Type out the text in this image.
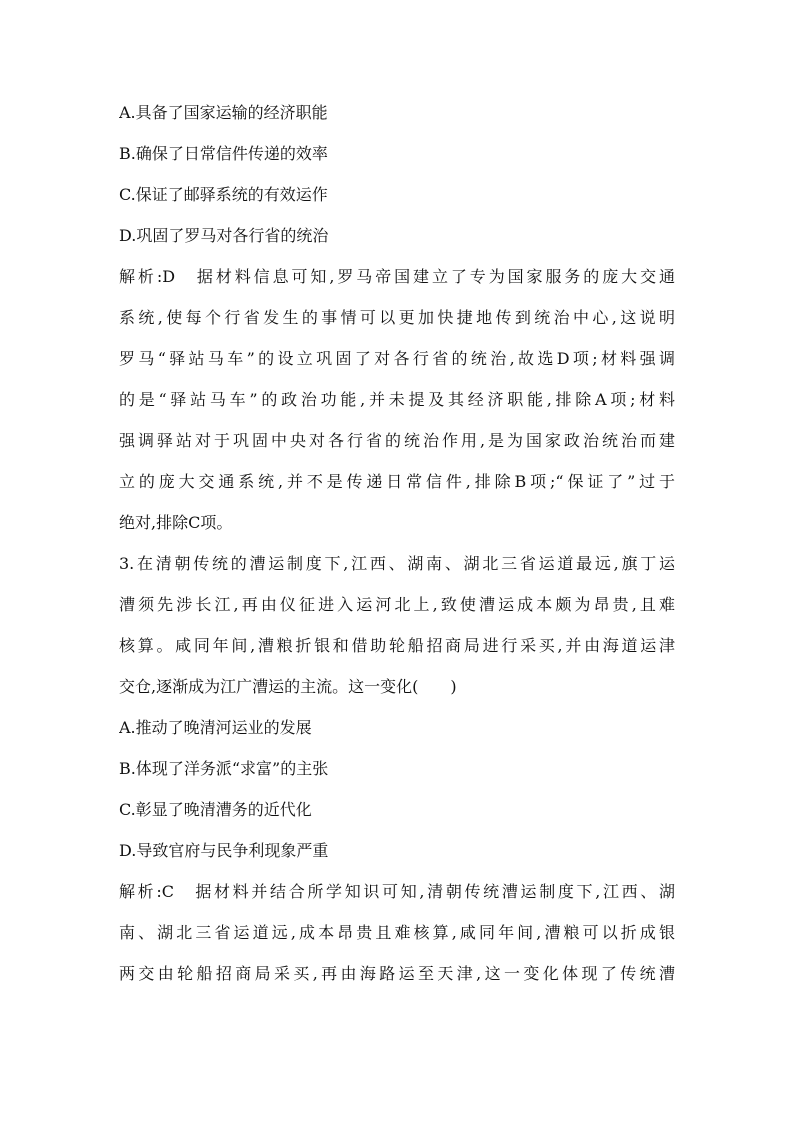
A.具备了国家运输的经济职能
B.确保了日常信件传递的效率
C.保证了邮驿系统的有效运作
D.巩固了罗马对各行省的统治
解析:D　据材料信息可知,罗马帝国建立了专为国家服务的庞大交通
系统,使每个行省发生的事情可以更加快捷地传到统治中心,这说明
罗马“驿站马车”的设立巩固了对各行省的统治,故选D项;材料强调
的是“驿站马车”的政治功能,并未提及其经济职能,排除A项;材料
强调驿站对于巩固中央对各行省的统治作用,是为国家政治统治而建
立的庞大交通系统,并不是传递日常信件,排除B项;“保证了”过于
绝对,排除C项。
3.在清朝传统的漕运制度下,江西、湖南、湖北三省运道最远,旗丁运
漕须先涉长江,再由仪征进入运河北上,致使漕运成本颇为昂贵,且难
核算。咸同年间,漕粮折银和借助轮船招商局进行采买,并由海道运津
交仓,逐渐成为江广漕运的主流。这一变化(　　)
A.推动了晚清河运业的发展
B.体现了洋务派“求富”的主张
C.彰显了晚清漕务的近代化
D.导致官府与民争利现象严重
解析:C　据材料并结合所学知识可知,清朝传统漕运制度下,江西、湖
南、湖北三省运道远,成本昂贵且难核算,咸同年间,漕粮可以折成银
两交由轮船招商局采买,再由海路运至天津,这一变化体现了传统漕
